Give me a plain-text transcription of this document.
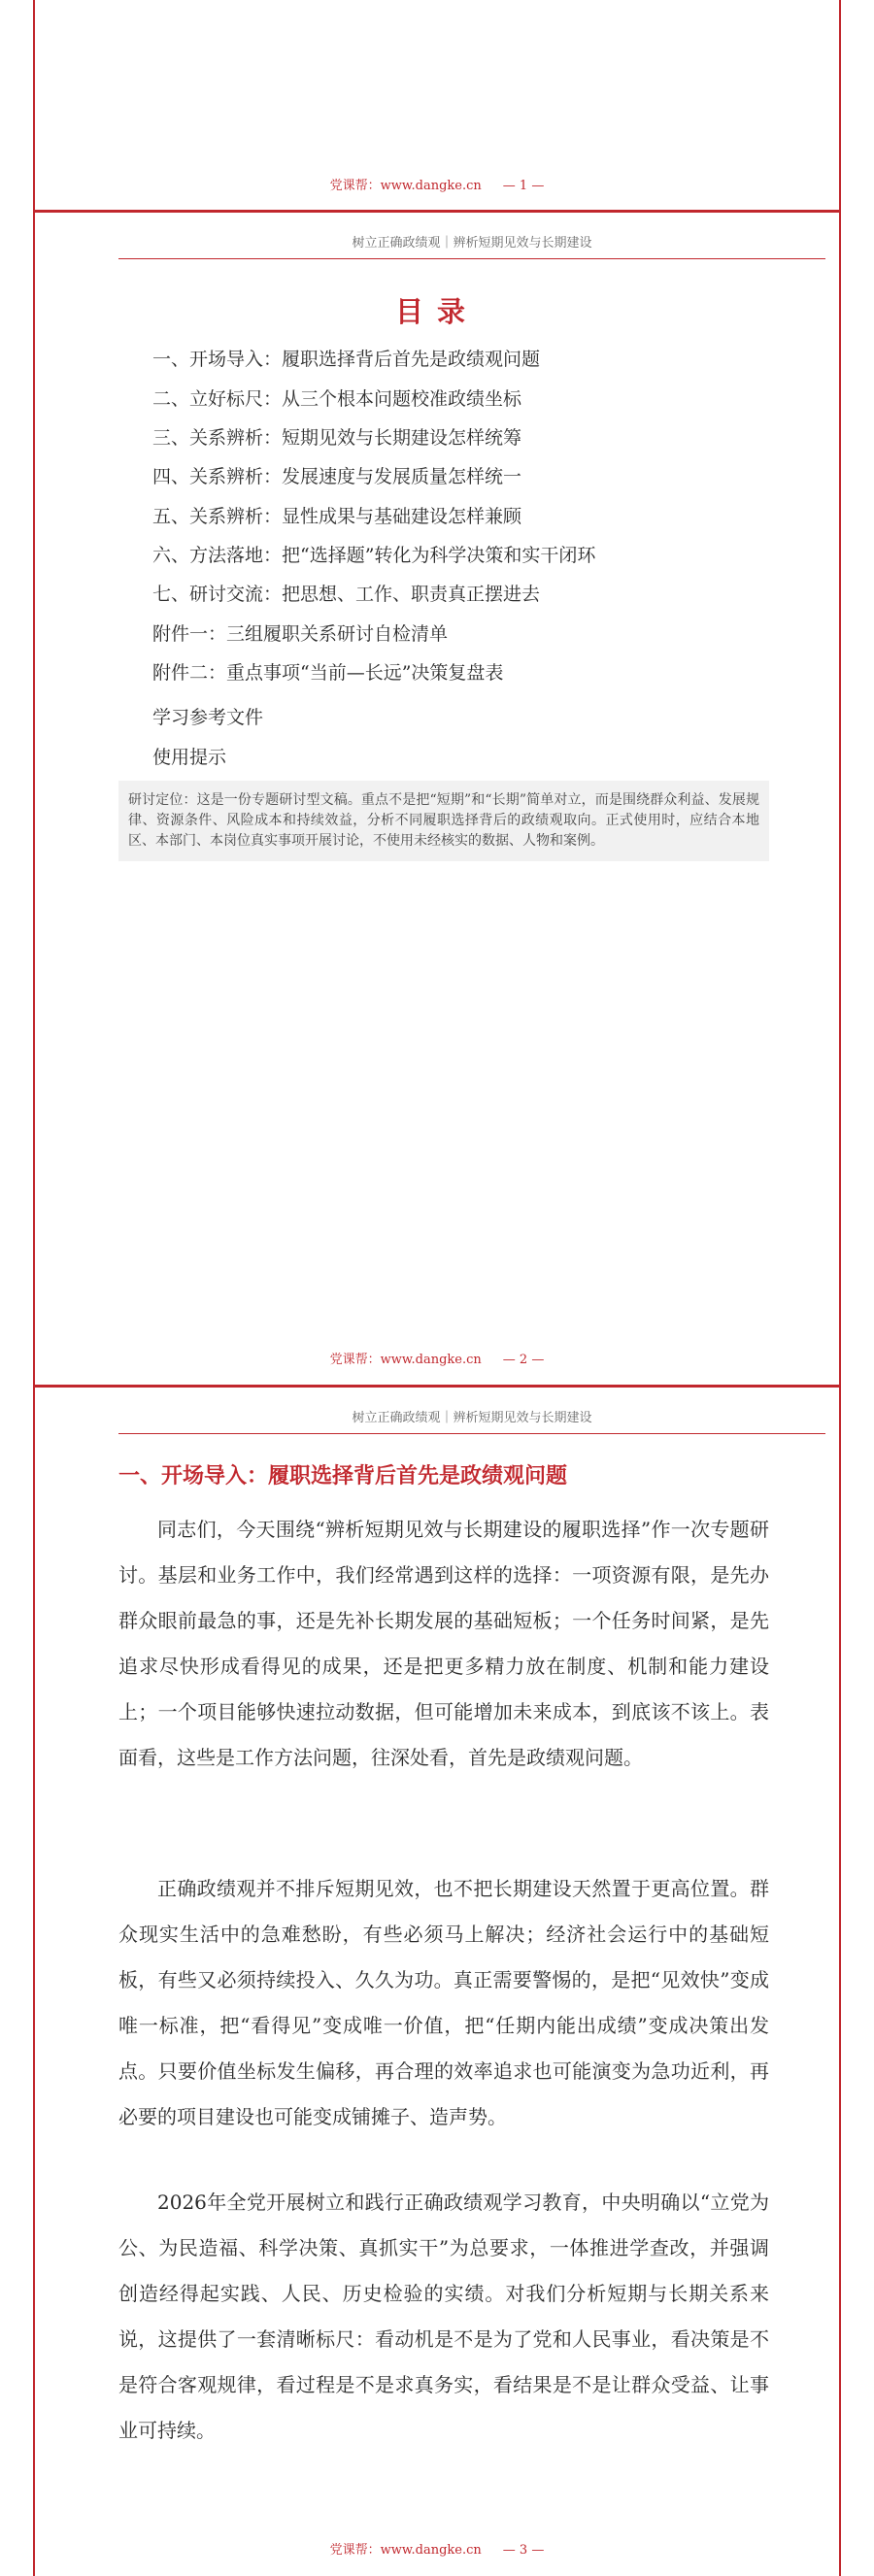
党课帮：www.dangke.cn — 1 —
树立正确政绩观｜辨析短期见效与长期建设
目录
一、开场导入：履职选择背后首先是政绩观问题
二、立好标尺：从三个根本问题校准政绩坐标
三、关系辨析：短期见效与长期建设怎样统筹
四、关系辨析：发展速度与发展质量怎样统一
五、关系辨析：显性成果与基础建设怎样兼顾
六、方法落地：把“选择题”转化为科学决策和实干闭环
七、研讨交流：把思想、工作、职责真正摆进去
附件一：三组履职关系研讨自检清单
附件二：重点事项“当前—长远”决策复盘表
学习参考文件
使用提示
研讨定位：这是一份专题研讨型文稿。重点不是把“短期”和“长期”简单对立，而是围绕群众利益、发展规律、资源条件、风险成本和持续效益，分析不同履职选择背后的政绩观取向。正式使用时，应结合本地区、本部门、本岗位真实事项开展讨论，不使用未经核实的数据、人物和案例。
党课帮：www.dangke.cn — 2 —
树立正确政绩观｜辨析短期见效与长期建设
一、开场导入：履职选择背后首先是政绩观问题

同志们，今天围绕“辨析短期见效与长期建设的履职选择”作一次专题研讨。基层和业务工作中，我们经常遇到这样的选择：一项资源有限，是先办群众眼前最急的事，还是先补长期发展的基础短板；一个任务时间紧，是先追求尽快形成看得见的成果，还是把更多精力放在制度、机制和能力建设上；一个项目能够快速拉动数据，但可能增加未来成本，到底该不该上。表面看，这些是工作方法问题，往深处看，首先是政绩观问题。

正确政绩观并不排斥短期见效，也不把长期建设天然置于更高位置。群众现实生活中的急难愁盼，有些必须马上解决；经济社会运行中的基础短板，有些又必须持续投入、久久为功。真正需要警惕的，是把“见效快”变成唯一标准，把“看得见”变成唯一价值，把“任期内能出成绩”变成决策出发点。只要价值坐标发生偏移，再合理的效率追求也可能演变为急功近利，再必要的项目建设也可能变成铺摊子、造声势。

2026年全党开展树立和践行正确政绩观学习教育，中央明确以“立党为公、为民造福、科学决策、真抓实干”为总要求，一体推进学查改，并强调创造经得起实践、人民、历史检验的实绩。对我们分析短期与长期关系来说，这提供了一套清晰标尺：看动机是不是为了党和人民事业，看决策是不是符合客观规律，看过程是不是求真务实，看结果是不是让群众受益、让事业可持续。

党课帮：www.dangke.cn — 3 —
